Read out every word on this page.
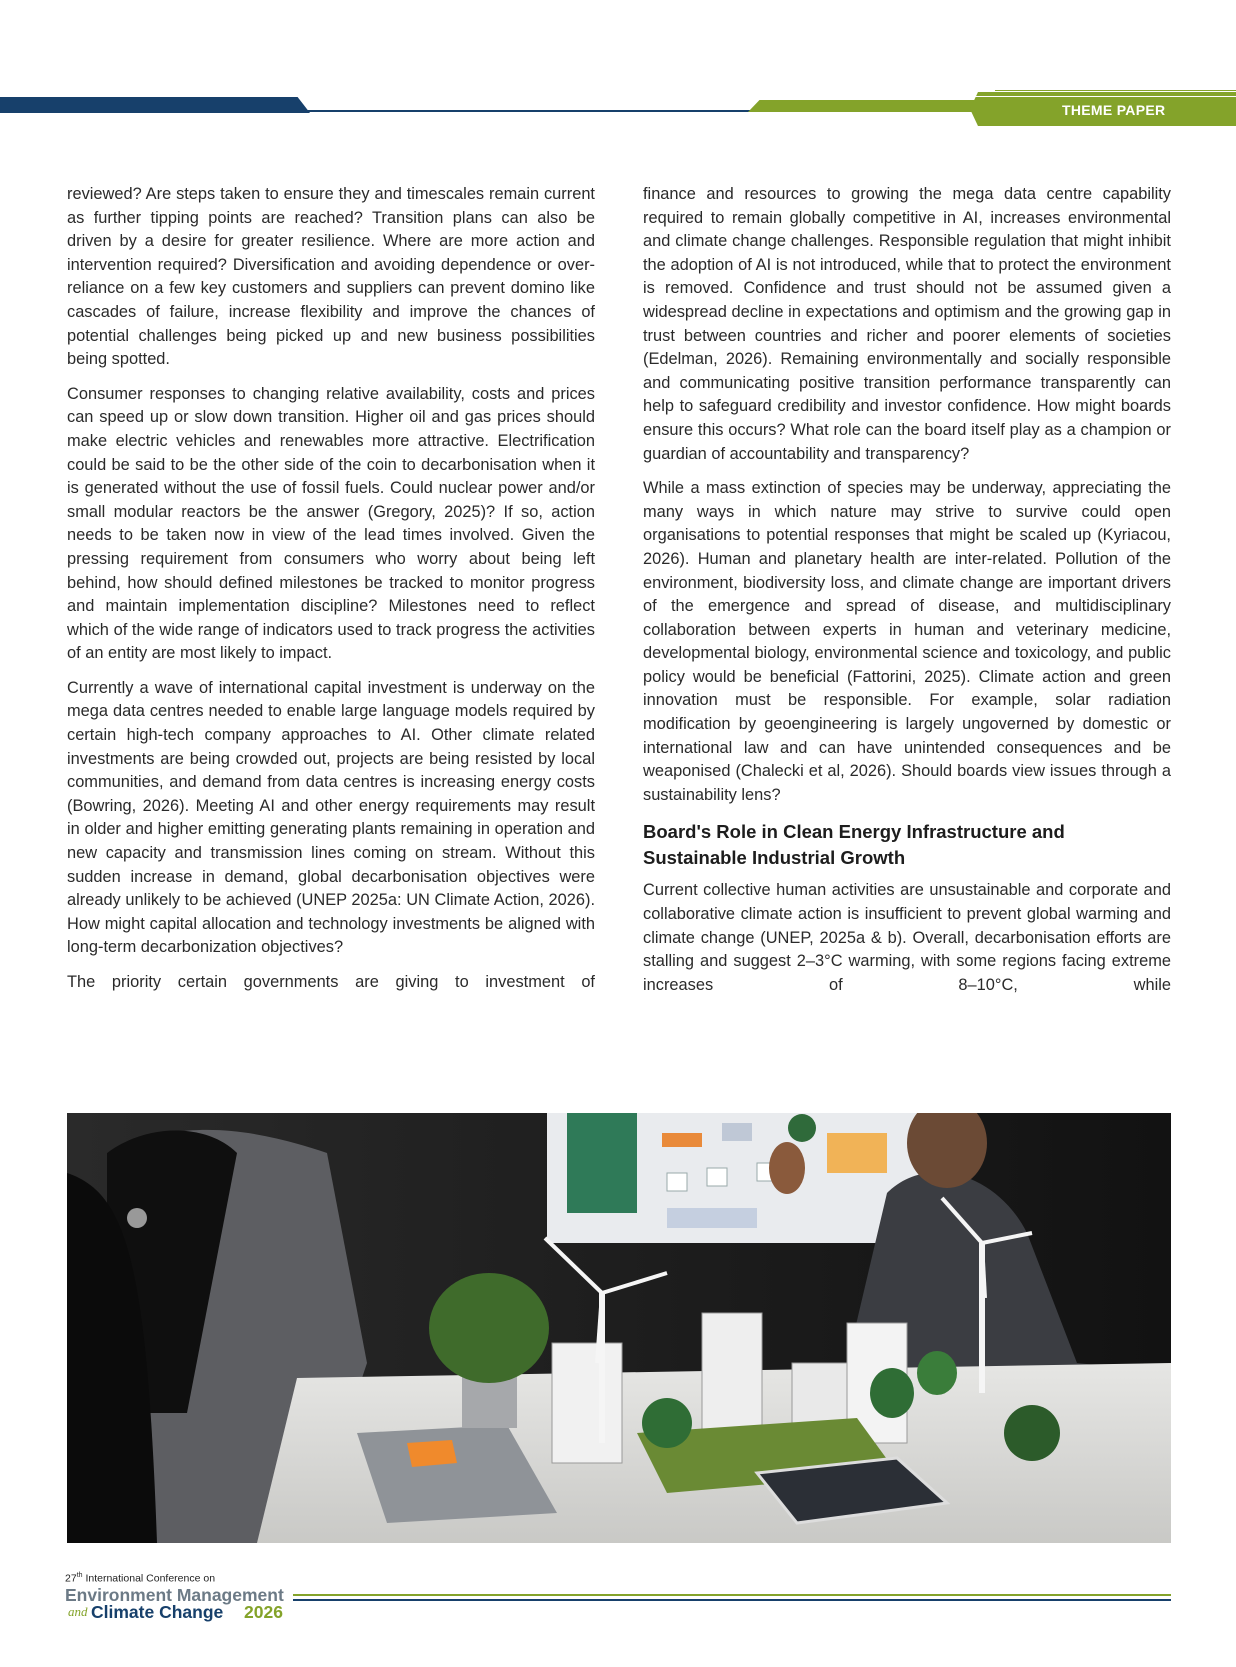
THEME PAPER

reviewed? Are steps taken to ensure they and timescales remain current as further tipping points are reached? Transition plans can also be driven by a desire for greater resilience. Where are more action and intervention required? Diversification and avoiding dependence or over-reliance on a few key customers and suppliers can prevent domino like cascades of failure, increase flexibility and improve the chances of potential challenges being picked up and new business possibilities being spotted.

Consumer responses to changing relative availability, costs and prices can speed up or slow down transition. Higher oil and gas prices should make electric vehicles and renewables more attractive. Electrification could be said to be the other side of the coin to decarbonisation when it is generated without the use of fossil fuels. Could nuclear power and/or small modular reactors be the answer (Gregory, 2025)? If so, action needs to be taken now in view of the lead times involved. Given the pressing requirement from consumers who worry about being left behind, how should defined milestones be tracked to monitor progress and maintain implementation discipline? Milestones need to reflect which of the wide range of indicators used to track progress the activities of an entity are most likely to impact.

Currently a wave of international capital investment is underway on the mega data centres needed to enable large language models required by certain high-tech company approaches to AI. Other climate related investments are being crowded out, projects are being resisted by local communities, and demand from data centres is increasing energy costs (Bowring, 2026). Meeting AI and other energy requirements may result in older and higher emitting generating plants remaining in operation and new capacity and transmission lines coming on stream. Without this sudden increase in demand, global decarbonisation objectives were already unlikely to be achieved (UNEP 2025a: UN Climate Action, 2026). How might capital allocation and technology investments be aligned with long-term decarbonization objectives?

The priority certain governments are giving to investment of

finance and resources to growing the mega data centre capability required to remain globally competitive in AI, increases environmental and climate change challenges. Responsible regulation that might inhibit the adoption of AI is not introduced, while that to protect the environment is removed. Confidence and trust should not be assumed given a widespread decline in expectations and optimism and the growing gap in trust between countries and richer and poorer elements of societies (Edelman, 2026). Remaining environmentally and socially responsible and communicating positive transition performance transparently can help to safeguard credibility and investor confidence. How might boards ensure this occurs? What role can the board itself play as a champion or guardian of accountability and transparency?

While a mass extinction of species may be underway, appreciating the many ways in which nature may strive to survive could open organisations to potential responses that might be scaled up (Kyriacou, 2026). Human and planetary health are inter-related. Pollution of the environment, biodiversity loss, and climate change are important drivers of the emergence and spread of disease, and multidisciplinary collaboration between experts in human and veterinary medicine, developmental biology, environmental science and toxicology, and public policy would be beneficial (Fattorini, 2025). Climate action and green innovation must be responsible. For example, solar radiation modification by geoengineering is largely ungoverned by domestic or international law and can have unintended consequences and be weaponised (Chalecki et al, 2026). Should boards view issues through a sustainability lens?

Board's Role in Clean Energy Infrastructure and Sustainable Industrial Growth

Current collective human activities are unsustainable and corporate and collaborative climate action is insufficient to prevent global warming and climate change (UNEP, 2025a & b). Overall, decarbonisation efforts are stalling and suggest 2–3°C warming, with some regions facing extreme increases of 8–10°C, while

27th International Conference on
Environment Management
and Climate Change 2026
